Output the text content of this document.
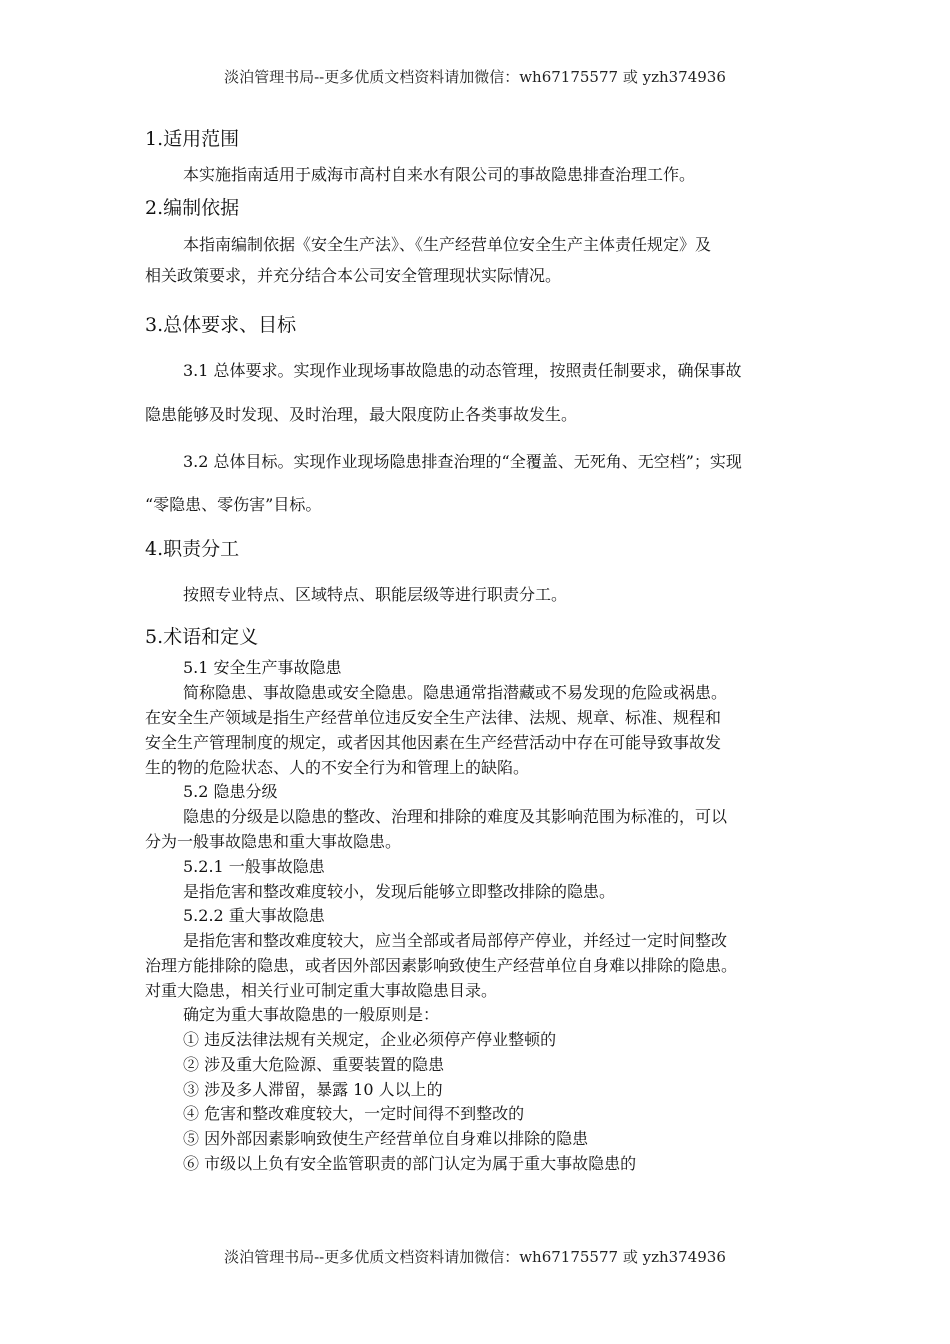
淡泊管理书局--更多优质文档资料请加微信：wh67175577 或 yzh374936
1.适用范围
本实施指南适用于威海市高村自来水有限公司的事故隐患排查治理工作。
2.编制依据
本指南编制依据《安全生产法》、《生产经营单位安全生产主体责任规定》及
相关政策要求，并充分结合本公司安全管理现状实际情况。
3.总体要求、目标
3.1 总体要求。实现作业现场事故隐患的动态管理，按照责任制要求，确保事故
隐患能够及时发现、及时治理，最大限度防止各类事故发生。
3.2 总体目标。实现作业现场隐患排查治理的“全覆盖、无死角、无空档”；实现
“零隐患、零伤害”目标。
4.职责分工
按照专业特点、区域特点、职能层级等进行职责分工。
5.术语和定义
5.1 安全生产事故隐患
简称隐患、事故隐患或安全隐患。隐患通常指潜藏或不易发现的危险或祸患。
在安全生产领域是指生产经营单位违反安全生产法律、法规、规章、标准、规程和
安全生产管理制度的规定，或者因其他因素在生产经营活动中存在可能导致事故发
生的物的危险状态、人的不安全行为和管理上的缺陷。
5.2 隐患分级
隐患的分级是以隐患的整改、治理和排除的难度及其影响范围为标准的，可以
分为一般事故隐患和重大事故隐患。
5.2.1 一般事故隐患
是指危害和整改难度较小，发现后能够立即整改排除的隐患。
5.2.2 重大事故隐患
是指危害和整改难度较大，应当全部或者局部停产停业，并经过一定时间整改
治理方能排除的隐患，或者因外部因素影响致使生产经营单位自身难以排除的隐患。
对重大隐患，相关行业可制定重大事故隐患目录。
确定为重大事故隐患的一般原则是：
① 违反法律法规有关规定，企业必须停产停业整顿的
② 涉及重大危险源、重要装置的隐患
③ 涉及多人滞留，暴露 10 人以上的
④ 危害和整改难度较大，一定时间得不到整改的
⑤ 因外部因素影响致使生产经营单位自身难以排除的隐患
⑥ 市级以上负有安全监管职责的部门认定为属于重大事故隐患的
淡泊管理书局--更多优质文档资料请加微信：wh67175577 或 yzh374936
